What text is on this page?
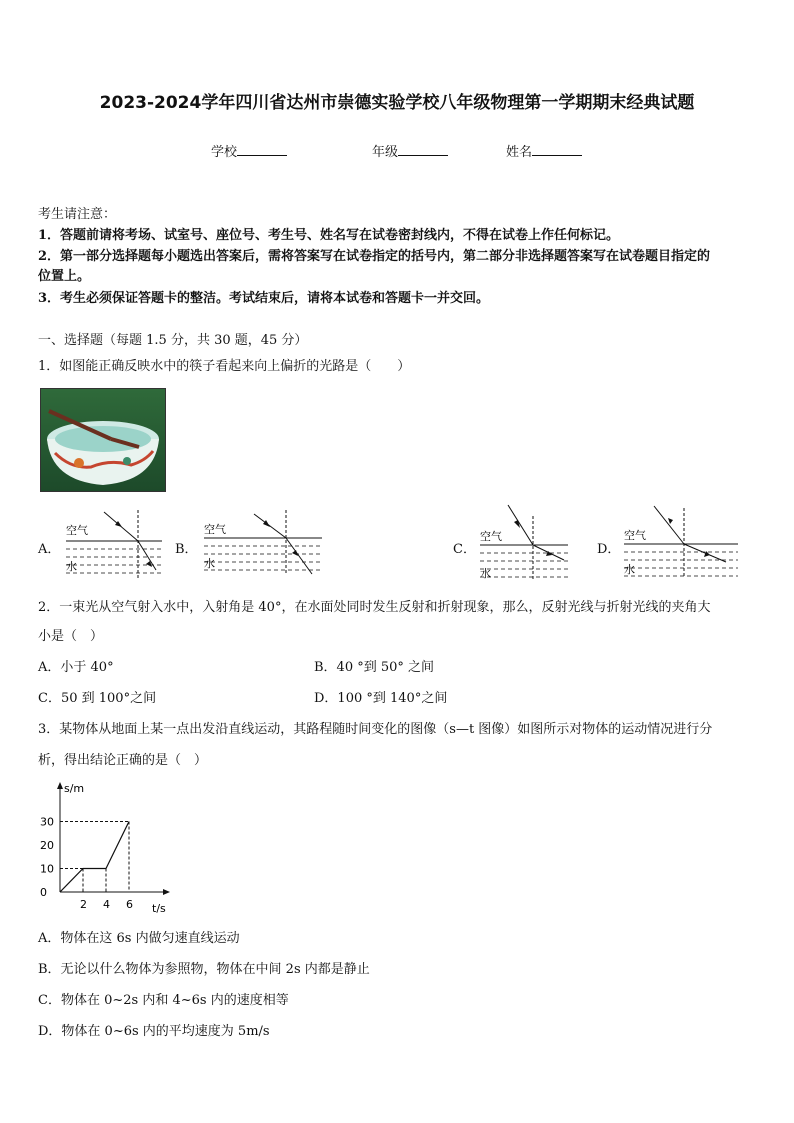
2023-2024学年四川省达州市崇德实验学校八年级物理第一学期期末经典试题
学校	年级	姓名
考生请注意：
1．答题前请将考场、试室号、座位号、考生号、姓名写在试卷密封线内，不得在试卷上作任何标记。
2．第一部分选择题每小题选出答案后，需将答案写在试卷指定的括号内，第二部分非选择题答案写在试卷题目指定的
位置上。
3．考生必须保证答题卡的整洁。考试结束后，请将本试卷和答题卡一并交回。
一、选择题（每题 1.5 分，共 30 题，45 分）
1．如图能正确反映水中的筷子看起来向上偏折的光路是（　　）
A．
空气
水
B．
空气
水
C．
空气
水
D．
空气
水
2．一束光从空气射入水中，入射角是 40°，在水面处同时发生反射和折射现象，那么，反射光线与折射光线的夹角大
小是（　）
A．小于 40°	B．40 °到 50° 之间
C．50 到 100°之间	D．100 °到 140°之间
3．某物体从地面上某一点出发沿直线运动，其路程随时间变化的图像（s—t 图像）如图所示对物体的运动情况进行分
析，得出结论正确的是（　）
s/m
t/s
2 4 6
0
10
20
30
A．物体在这 6s 内做匀速直线运动
B．无论以什么物体为参照物，物体在中间 2s 内都是静止
C．物体在 0~2s 内和 4~6s 内的速度相等
D．物体在 0~6s 内的平均速度为 5m/s
